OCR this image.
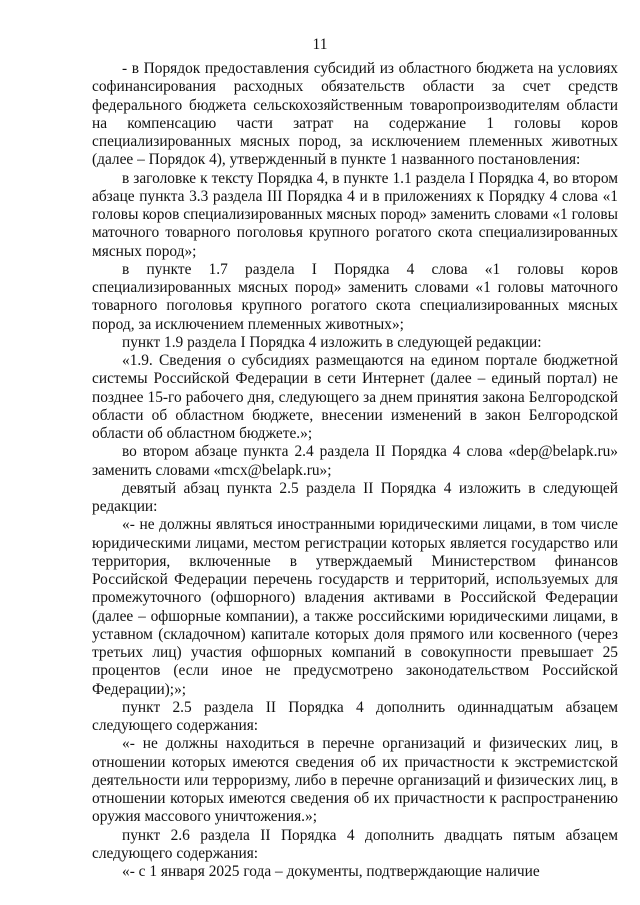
11

- в Порядок предоставления субсидий из областного бюджета на условиях софинансирования расходных обязательств области за счет средств федерального бюджета сельскохозяйственным товаропроизводителям области на компенсацию части затрат на содержание 1 головы коров специализированных мясных пород, за исключением племенных животных (далее – Порядок 4), утвержденный в пункте 1 названного постановления:

в заголовке к тексту Порядка 4, в пункте 1.1 раздела I Порядка 4, во втором абзаце пункта 3.3 раздела III Порядка 4 и в приложениях к Порядку 4 слова «1 головы коров специализированных мясных пород» заменить словами «1 головы маточного товарного поголовья крупного рогатого скота специализированных мясных пород»;

в пункте 1.7 раздела I Порядка 4 слова «1 головы коров специализированных мясных пород» заменить словами «1 головы маточного товарного поголовья крупного рогатого скота специализированных мясных пород, за исключением племенных животных»;

пункт 1.9 раздела I Порядка 4 изложить в следующей редакции:

«1.9. Сведения о субсидиях размещаются на едином портале бюджетной системы Российской Федерации в сети Интернет (далее – единый портал) не позднее 15-го рабочего дня, следующего за днем принятия закона Белгородской области об областном бюджете, внесении изменений в закон Белгородской области об областном бюджете.»;

во втором абзаце пункта 2.4 раздела II Порядка 4 слова «dep@belapk.ru» заменить словами «mcx@belapk.ru»;

девятый абзац пункта 2.5 раздела II Порядка 4 изложить в следующей редакции:

«- не должны являться иностранными юридическими лицами, в том числе юридическими лицами, местом регистрации которых является государство или территория, включенные в утверждаемый Министерством финансов Российской Федерации перечень государств и территорий, используемых для промежуточного (офшорного) владения активами в Российской Федерации (далее – офшорные компании), а также российскими юридическими лицами, в уставном (складочном) капитале которых доля прямого или косвенного (через третьих лиц) участия офшорных компаний в совокупности превышает 25 процентов (если иное не предусмотрено законодательством Российской Федерации);»;

пункт 2.5 раздела II Порядка 4 дополнить одиннадцатым абзацем следующего содержания:

«- не должны находиться в перечне организаций и физических лиц, в отношении которых имеются сведения об их причастности к экстремистской деятельности или терроризму, либо в перечне организаций и физических лиц, в отношении которых имеются сведения об их причастности к распространению оружия массового уничтожения.»;

пункт 2.6 раздела II Порядка 4 дополнить двадцать пятым абзацем следующего содержания:

«- с 1 января 2025 года – документы, подтверждающие наличие
